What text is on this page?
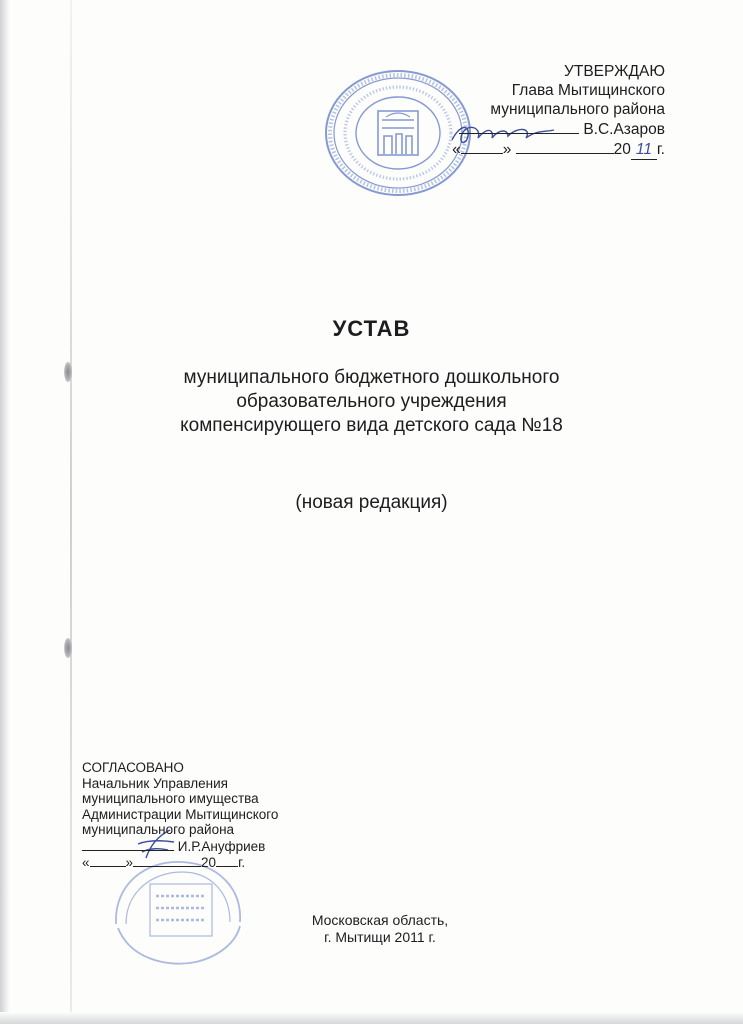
УТВЕРЖДАЮ
Глава Мытищинского
муниципального района
В.С.Азаров
«	»	20 11 г.
УСТАВ
муниципального бюджетного дошкольного
образовательного учреждения
компенсирующего вида детского сада №18
(новая редакция)
СОГЛАСОВАНО
Начальник Управления
муниципального имущества
Администрации Мытищинского
муниципального района
И.Р.Ануфриев
«	»	20 г.
Московская область,
г. Мытищи 2011 г.
